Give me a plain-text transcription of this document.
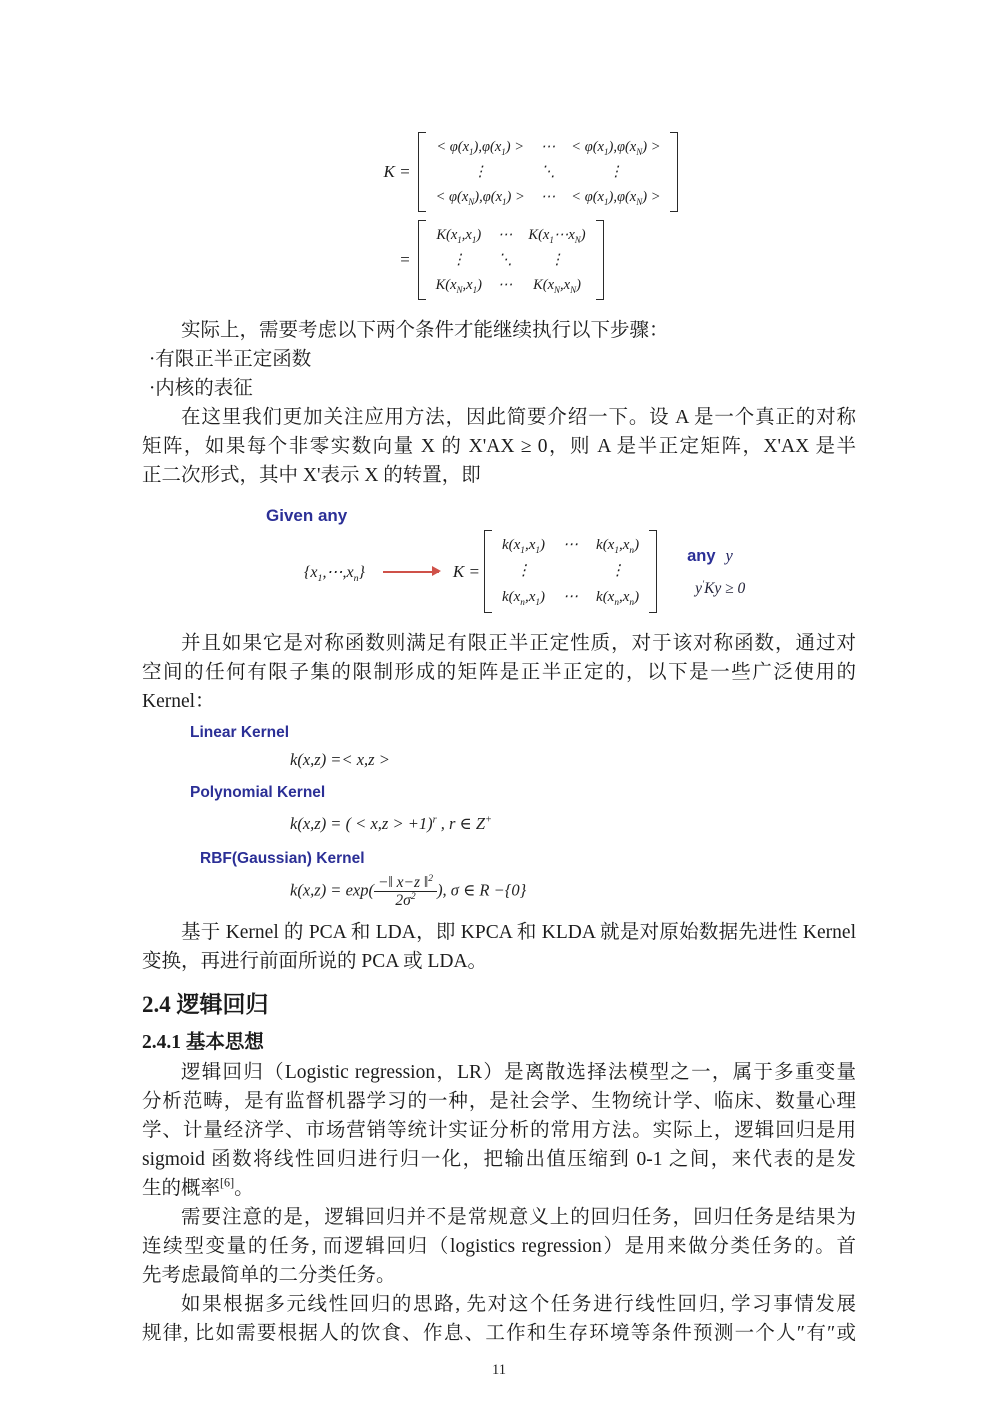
K =
< $\varphi(x_1),\varphi(x_1)$ > ⋯ < $\varphi(x_1),\varphi(x_N)$ >
⋮	⋱	⋮
< $\varphi(x_N),\varphi(x_1)$ > ⋯ < $\varphi(x_1),\varphi(x_N)$ >
=
$K(x_1,x_1)$ ⋯ $K(x_1\cdots x_N)$
⋮ ⋱	⋮
$K(x_N,x_1)$ ⋯ $K(x_N,x_N)$
实际上，需要考虑以下两个条件才能继续执行以下步骤：
·有限正半正定函数
·内核的表征
在这里我们更加关注应用方法，因此简要介绍一下。设 A 是一个真正的对称
矩阵，如果每个非零实数向量 X 的 X'AX ≥ 0，则 A 是半正定矩阵，X'AX 是半
正二次形式，其中 X'表示 X 的转置，即
Given any
$\{x_1,\cdots,x_n\}$	K =
$k(x_1,x_1)$ ⋯ $k(x_1,x_n)$
⋮	⋮
$k(x_n,x_1)$ ⋯ $k(x_n,x_n)$
any y
y′Ky ≥ 0
并且如果它是对称函数则满足有限正半正定性质，对于该对称函数，通过对
空间的任何有限子集的限制形成的矩阵是正半正定的，以下是一些广泛使用的
Kernel：
Linear Kernel
k(x,z) =< x,z >
Polynomial Kernel
k(x,z) = ( < x,z > +1)$^r$ , r ∈ Z+
RBF(Gaussian) Kernel
$k(x,z) = \exp( \frac{-‖ x-z ‖^2}{2\sigma^2}$ ), σ ∈ R −{0}
基于 Kernel 的 PCA 和 LDA，即 KPCA 和 KLDA 就是对原始数据先进性 Kernel
变换，再进行前面所说的 PCA 或 LDA。
2.4 逻辑回归
2.4.1 基本思想
逻辑回归（Logistic regression，LR）是离散选择法模型之一，属于多重变量
分析范畴，是有监督机器学习的一种，是社会学、生物统计学、临床、数量心理
学、计量经济学、市场营销等统计实证分析的常用方法。实际上，逻辑回归是用
sigmoid 函数将线性回归进行归一化，把输出值压缩到 0-1 之间，来代表的是发
生的概率[6]。
需要注意的是，逻辑回归并不是常规意义上的回归任务，回归任务是结果为
连续型变量的任务, 而逻辑回归（logistics regression）是用来做分类任务的。首
先考虑最简单的二分类任务。
如果根据多元线性回归的思路, 先对这个任务进行线性回归, 学习事情发展
规律, 比如需要根据人的饮食、作息、工作和生存环境等条件预测一个人″有″或
11
